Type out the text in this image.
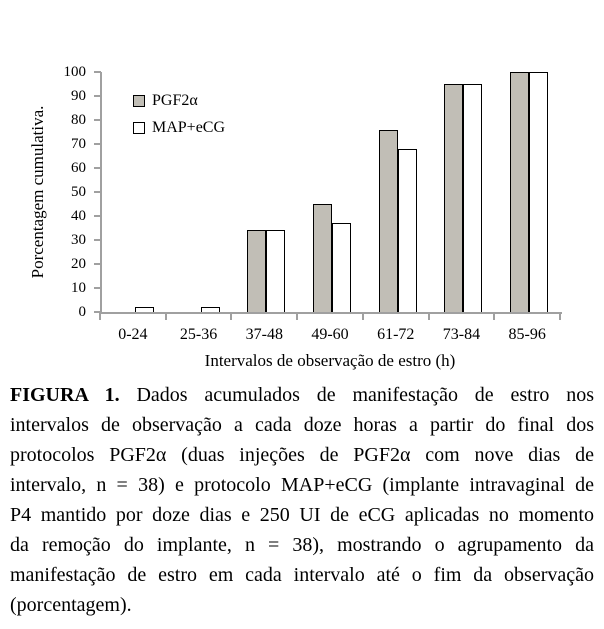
Porcentagem cumulativa.
0
10
20
30
40
50
60
70
80
90
100
PGF2α
MAP+eCG
0-24	25-36	37-48	49-60	61-72	73-84	85-96
Intervalos de observação de estro (h)
FIGURA 1. Dados acumulados de manifestação de estro nos
intervalos de observação a cada doze horas a partir do final dos
protocolos PGF2α (duas injeções de PGF2α com nove dias de
intervalo, n = 38) e protocolo MAP+eCG (implante intravaginal de
P4 mantido por doze dias e 250 UI de eCG aplicadas no momento
da remoção do implante, n = 38), mostrando o agrupamento da
manifestação de estro em cada intervalo até o fim da observação
(porcentagem).
